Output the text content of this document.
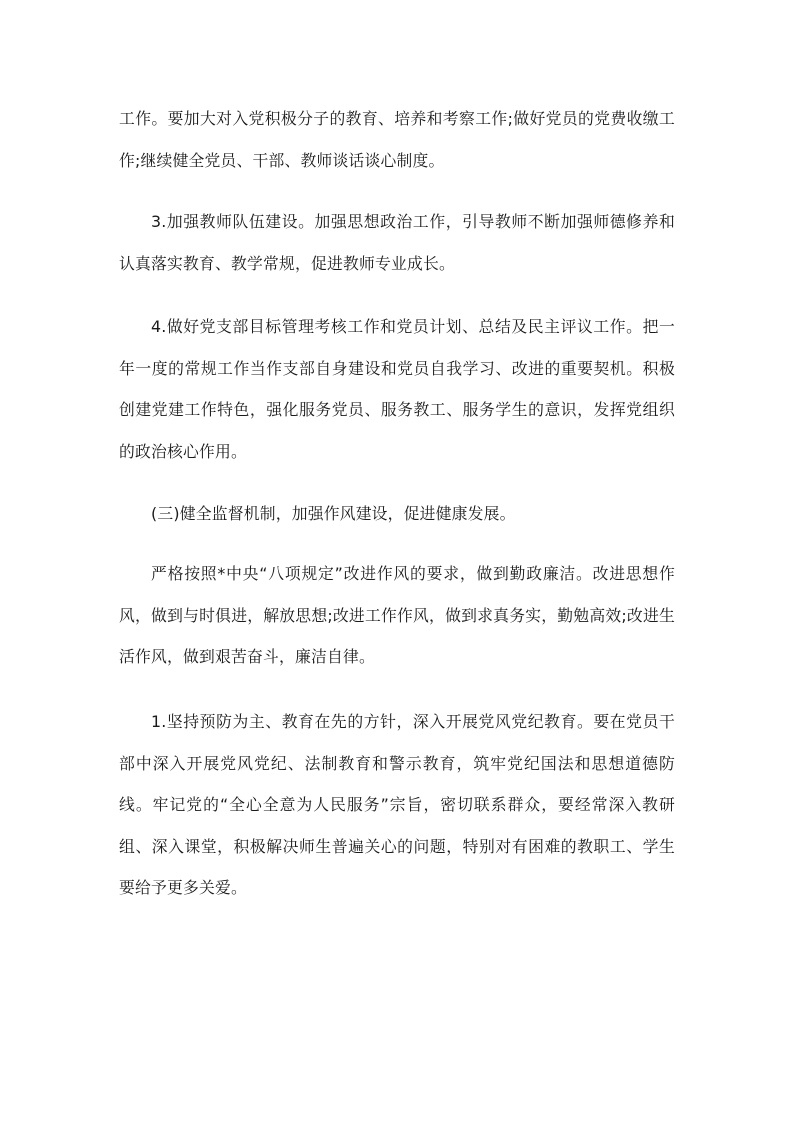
工作。要加大对入党积极分子的教育、培养和考察工作;做好党员的党费收缴工作;继续健全党员、干部、教师谈话谈心制度。

3.加强教师队伍建设。加强思想政治工作，引导教师不断加强师德修养和认真落实教育、教学常规，促进教师专业成长。

4.做好党支部目标管理考核工作和党员计划、总结及民主评议工作。把一年一度的常规工作当作支部自身建设和党员自我学习、改进的重要契机。积极创建党建工作特色，强化服务党员、服务教工、服务学生的意识，发挥党组织的政治核心作用。

(三)健全监督机制，加强作风建设，促进健康发展。

严格按照*中央“八项规定”改进作风的要求，做到勤政廉洁。改进思想作风，做到与时俱进，解放思想;改进工作作风，做到求真务实，勤勉高效;改进生活作风，做到艰苦奋斗，廉洁自律。

1.坚持预防为主、教育在先的方针，深入开展党风党纪教育。要在党员干部中深入开展党风党纪、法制教育和警示教育，筑牢党纪国法和思想道德防线。牢记党的“全心全意为人民服务”宗旨，密切联系群众，要经常深入教研组、深入课堂，积极解决师生普遍关心的问题，特别对有困难的教职工、学生要给予更多关爱。
